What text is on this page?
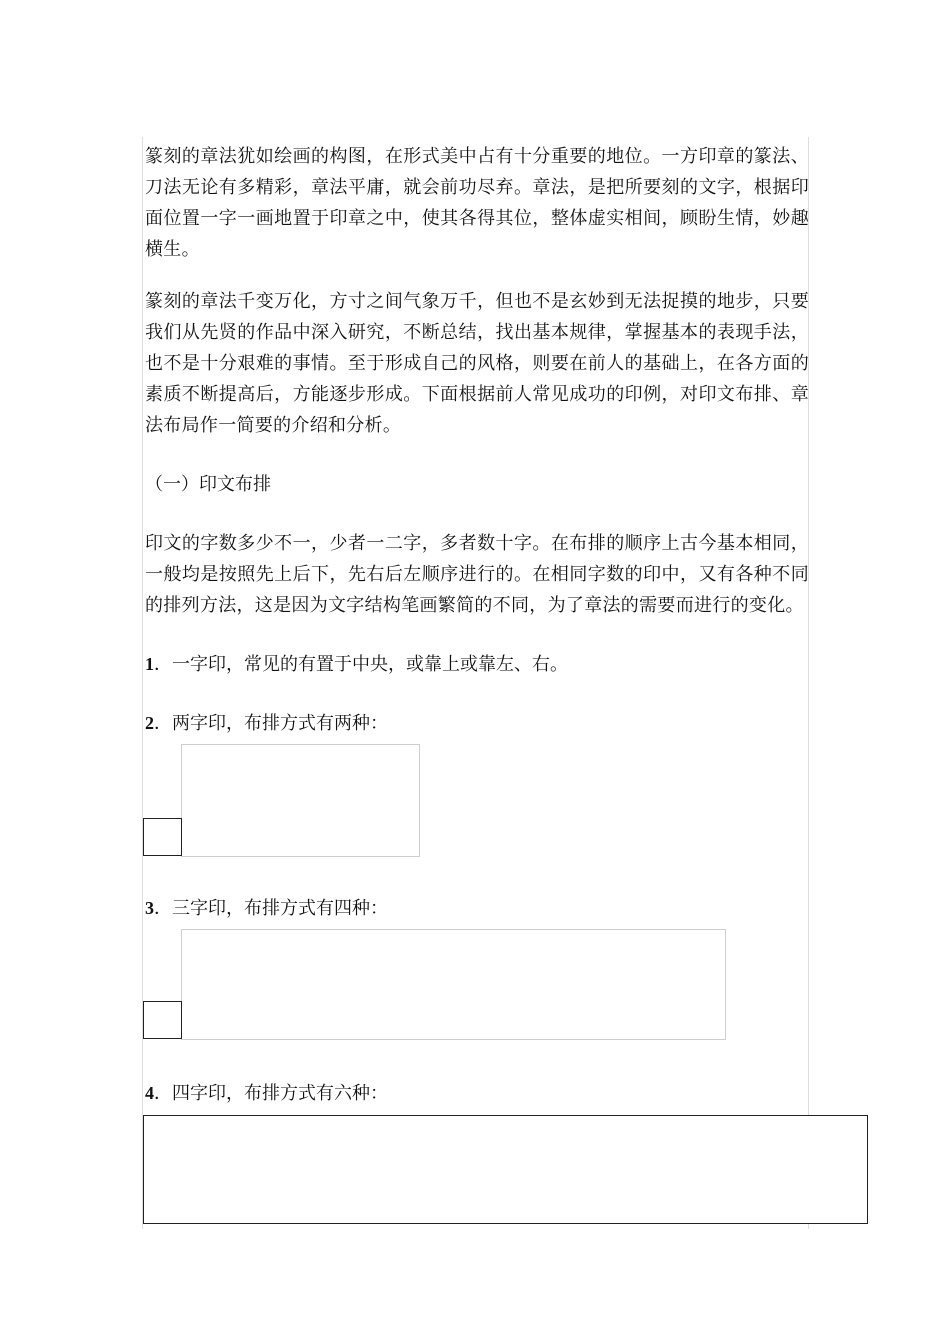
篆刻的章法犹如绘画的构图，在形式美中占有十分重要的地位。一方印章的篆法、刀法无论有多精彩，章法平庸，就会前功尽弃。章法，是把所要刻的文字，根据印面位置一字一画地置于印章之中，使其各得其位，整体虚实相间，顾盼生情，妙趣横生。

篆刻的章法千变万化，方寸之间气象万千，但也不是玄妙到无法捉摸的地步，只要我们从先贤的作品中深入研究，不断总结，找出基本规律，掌握基本的表现手法，也不是十分艰难的事情。至于形成自己的风格，则要在前人的基础上，在各方面的素质不断提高后，方能逐步形成。下面根据前人常见成功的印例，对印文布排、章法布局作一简要的介绍和分析。

（一）印文布排

印文的字数多少不一，少者一二字，多者数十字。在布排的顺序上古今基本相同，一般均是按照先上后下，先右后左顺序进行的。在相同字数的印中，又有各种不同的排列方法，这是因为文字结构笔画繁简的不同，为了章法的需要而进行的变化。

1．一字印，常见的有置于中央，或靠上或靠左、右。

2．两字印，布排方式有两种：

3．三字印，布排方式有四种：

4．四字印，布排方式有六种：
